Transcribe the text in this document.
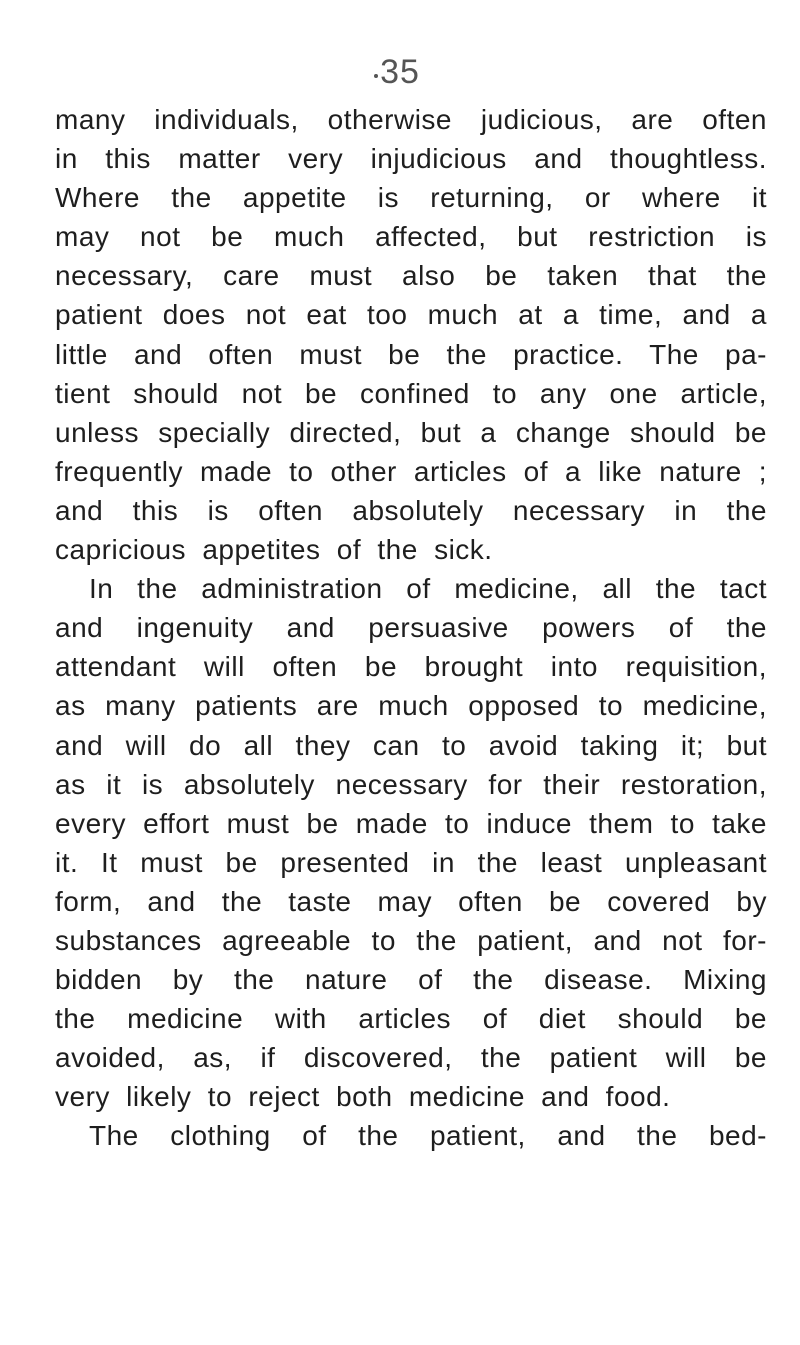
35
many individuals, otherwise judicious, are often
in this matter very injudicious and thoughtless.
Where the appetite is returning, or where it
may not be much affected, but restriction is
necessary, care must also be taken that the
patient does not eat too much at a time, and a
little and often must be the practice. The pa-
tient should not be confined to any one article,
unless specially directed, but a change should be
frequently made to other articles of a like nature ;
and this is often absolutely necessary in the
capricious appetites of the sick.
In the administration of medicine, all the tact
and ingenuity and persuasive powers of the
attendant will often be brought into requisition,
as many patients are much opposed to medicine,
and will do all they can to avoid taking it; but
as it is absolutely necessary for their restoration,
every effort must be made to induce them to take
it. It must be presented in the least unpleasant
form, and the taste may often be covered by
substances agreeable to the patient, and not for-
bidden by the nature of the disease. Mixing
the medicine with articles of diet should be
avoided, as, if discovered, the patient will be
very likely to reject both medicine and food.
The clothing of the patient, and the bed-
